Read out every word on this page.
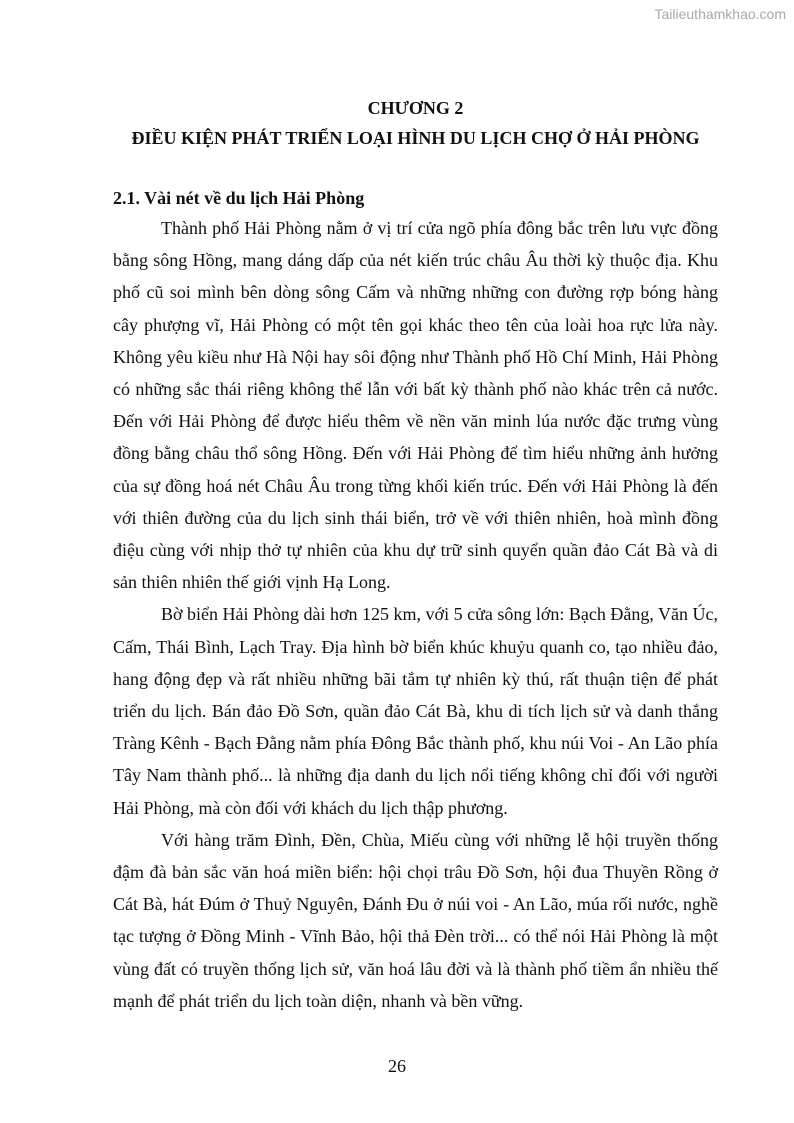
Tailieuthamkhao.com
CHƯƠNG 2
ĐIỀU KIỆN PHÁT TRIỂN LOẠI HÌNH DU LỊCH CHỢ Ở HẢI PHÒNG
2.1. Vài nét về du lịch Hải Phòng

Thành phố Hải Phòng nằm ở vị trí cửa ngõ phía đông bắc trên lưu vực đồng bằng sông Hồng, mang dáng dấp của nét kiến trúc châu Âu thời kỳ thuộc địa. Khu phố cũ soi mình bên dòng sông Cấm và những những con đường rợp bóng hàng cây phượng vĩ, Hải Phòng có một tên gọi khác theo tên của loài hoa rực lửa này. Không yêu kiều như Hà Nội hay sôi động như Thành phố Hồ Chí Minh, Hải Phòng có những sắc thái riêng không thể lẫn với bất kỳ thành phố nào khác trên cả nước. Đến với Hải Phòng để được hiểu thêm về nền văn minh lúa nước đặc trưng vùng đồng bằng châu thổ sông Hồng. Đến với Hải Phòng để tìm hiểu những ảnh hưởng của sự đồng hoá nét Châu Âu trong từng khối kiến trúc. Đến với Hải Phòng là đến với thiên đường của du lịch sinh thái biển, trở về với thiên nhiên, hoà mình đồng điệu cùng với nhịp thở tự nhiên của khu dự trữ sinh quyển quần đảo Cát Bà và di sản thiên nhiên thế giới vịnh Hạ Long.

Bờ biển Hải Phòng dài hơn 125 km, với 5 cửa sông lớn: Bạch Đằng, Văn Úc, Cấm, Thái Bình, Lạch Tray. Địa hình bờ biển khúc khuỷu quanh co, tạo nhiều đảo, hang động đẹp và rất nhiều những bãi tắm tự nhiên kỳ thú, rất thuận tiện để phát triển du lịch. Bán đảo Đồ Sơn, quần đảo Cát Bà, khu di tích lịch sử và danh thắng Tràng Kênh - Bạch Đằng nằm phía Đông Bắc thành phố, khu núi Voi - An Lão phía Tây Nam thành phố... là những địa danh du lịch nổi tiếng không chỉ đối với người Hải Phòng, mà còn đối với khách du lịch thập phương.

Với hàng trăm Đình, Đền, Chùa, Miếu cùng với những lễ hội truyền thống đậm đà bản sắc văn hoá miền biển: hội chọi trâu Đồ Sơn, hội đua Thuyền Rồng ở Cát Bà, hát Đúm ở Thuỷ Nguyên, Đánh Đu ở núi voi - An Lão, múa rối nước, nghề tạc tượng ở Đồng Minh - Vĩnh Bảo, hội thả Đèn trời... có thể nói Hải Phòng là một vùng đất có truyền thống lịch sử, văn hoá lâu đời và là thành phố tiềm ẩn nhiều thế mạnh để phát triển du lịch toàn diện, nhanh và bền vững.

26
